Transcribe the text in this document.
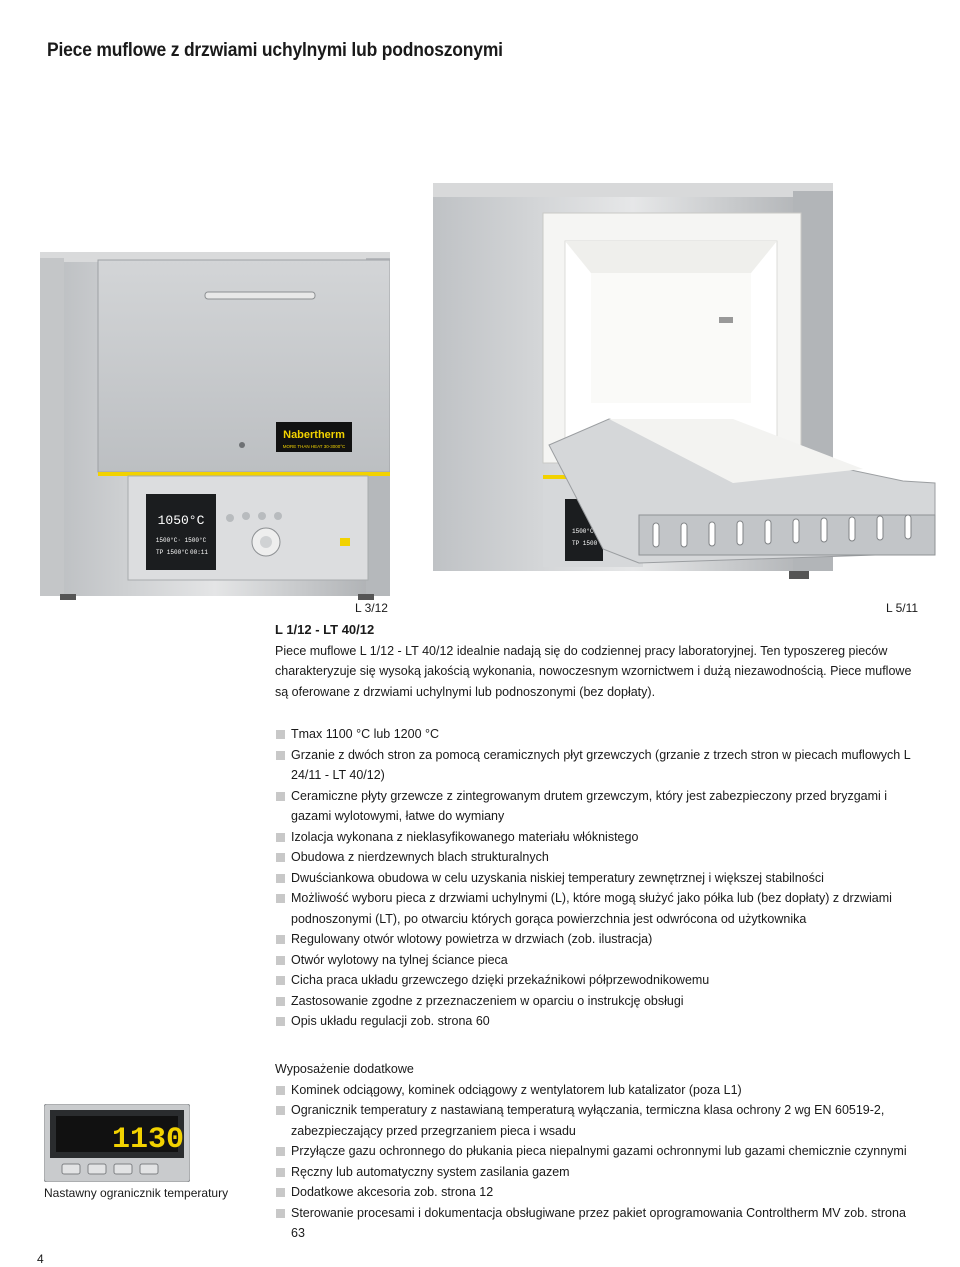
Piece muflowe z drzwiami uchylnymi lub podnoszonymi
Nabertherm
MORE THAN HEAT 30-3000°C
1050°C
1500°C· 1500°C
TP 1500°C 00:11
L 3/12
1500°C
TP 1500
L 5/11
L 1/12 - LT 40/12
Piece muflowe L 1/12 - LT 40/12 idealnie nadają się do codziennej pracy laboratoryjnej. Ten typoszereg pieców charakteryzuje się wysoką jakością wykonania, nowoczesnym wzornictwem i dużą niezawodnością. Piece muflowe są oferowane z drzwiami uchylnymi lub podnoszonymi (bez dopłaty).
Tmax 1100 °C lub 1200 °C
Grzanie z dwóch stron za pomocą ceramicznych płyt grzewczych (grzanie z trzech stron w piecach muflowych L 24/11 - LT 40/12)
Ceramiczne płyty grzewcze z zintegrowanym drutem grzewczym, który jest zabezpieczony przed bryzgami i gazami wylotowymi, łatwe do wymiany
Izolacja wykonana z nieklasyfikowanego materiału włóknistego
Obudowa z nierdzewnych blach strukturalnych
Dwuściankowa obudowa w celu uzyskania niskiej temperatury zewnętrznej i większej stabilności
Możliwość wyboru pieca z drzwiami uchylnymi (L), które mogą służyć jako półka lub (bez dopłaty) z drzwiami podnoszonymi (LT), po otwarciu których gorąca powierzchnia jest odwrócona od użytkownika
Regulowany otwór wlotowy powietrza w drzwiach (zob. ilustracja)
Otwór wylotowy na tylnej ściance pieca
Cicha praca układu grzewczego dzięki przekaźnikowi półprzewodnikowemu
Zastosowanie zgodne z przeznaczeniem w oparciu o instrukcję obsługi
Opis układu regulacji zob. strona 60
1130
Nastawny ogranicznik temperatury
Wyposażenie dodatkowe
Kominek odciągowy, kominek odciągowy z wentylatorem lub katalizator (poza L1)
Ogranicznik temperatury z nastawianą temperaturą wyłączania, termiczna klasa ochrony 2 wg EN 60519-2, zabezpieczający przed przegrzaniem pieca i wsadu
Przyłącze gazu ochronnego do płukania pieca niepalnymi gazami ochronnymi lub gazami chemicznie czynnymi
Ręczny lub automatyczny system zasilania gazem
Dodatkowe akcesoria zob. strona 12
Sterowanie procesami i dokumentacja obsługiwane przez pakiet oprogramowania Controltherm MV zob. strona 63
4
